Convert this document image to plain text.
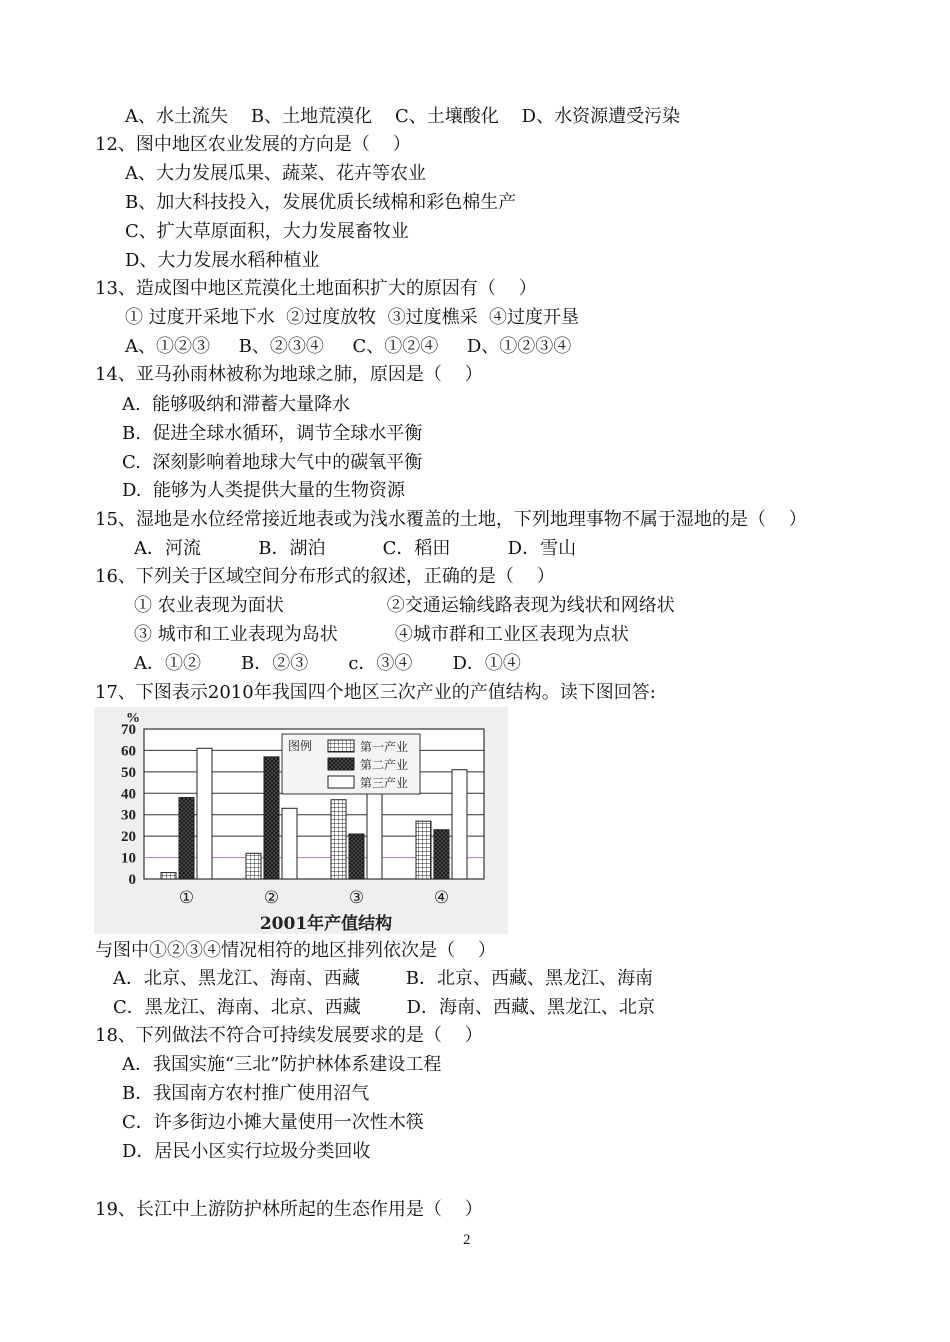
A、水土流失    B、土地荒漠化    C、土壤酸化    D、水资源遭受污染
12、图中地区农业发展的方向是（    ）
A、大力发展瓜果、蔬菜、花卉等农业
B、加大科技投入，发展优质长绒棉和彩色棉生产
C、扩大草原面积，大力发展畜牧业
D、大力发展水稻种植业
13、造成图中地区荒漠化土地面积扩大的原因有（    ）
① 过度开采地下水  ②过度放牧  ③过度樵采  ④过度开垦
A、①②③     B、②③④     C、①②④     D、①②③④
14、亚马孙雨林被称为地球之肺，原因是（    ）
A.  能够吸纳和滞蓄大量降水
B.  促进全球水循环，调节全球水平衡
C.  深刻影响着地球大气中的碳氧平衡
D.  能够为人类提供大量的生物资源
15、湿地是水位经常接近地表或为浅水覆盖的土地，下列地理事物不属于湿地的是（    ）
A．河流          B．湖泊          C．稻田          D．雪山
16、下列关于区域空间分布形式的叙述，正确的是（    ）
① 农业表现为面状                  ②交通运输线路表现为线状和网络状
③ 城市和工业表现为岛状          ④城市群和工业区表现为点状
A．①②       B．②③       c．③④       D．①④
17、下图表示2010年我国四个地区三次产业的产值结构。读下图回答:
图例	第一产业
第二产业
第三产业
0
10
20
30
40
50
60
70
%
①	②	③	④
2001年产值结构
与图中①②③④情况相符的地区排列依次是（    ）
A．北京、黑龙江、海南、西藏        B．北京、西藏、黑龙江、海南
C．黑龙江、海南、北京、西藏        D．海南、西藏、黑龙江、北京
18、下列做法不符合可持续发展要求的是（    ）
A．我国实施“三北”防护林体系建设工程
B．我国南方农村推广使用沼气
C．许多街边小摊大量使用一次性木筷
D．居民小区实行垃圾分类回收
19、长江中上游防护林所起的生态作用是（    ）
2
